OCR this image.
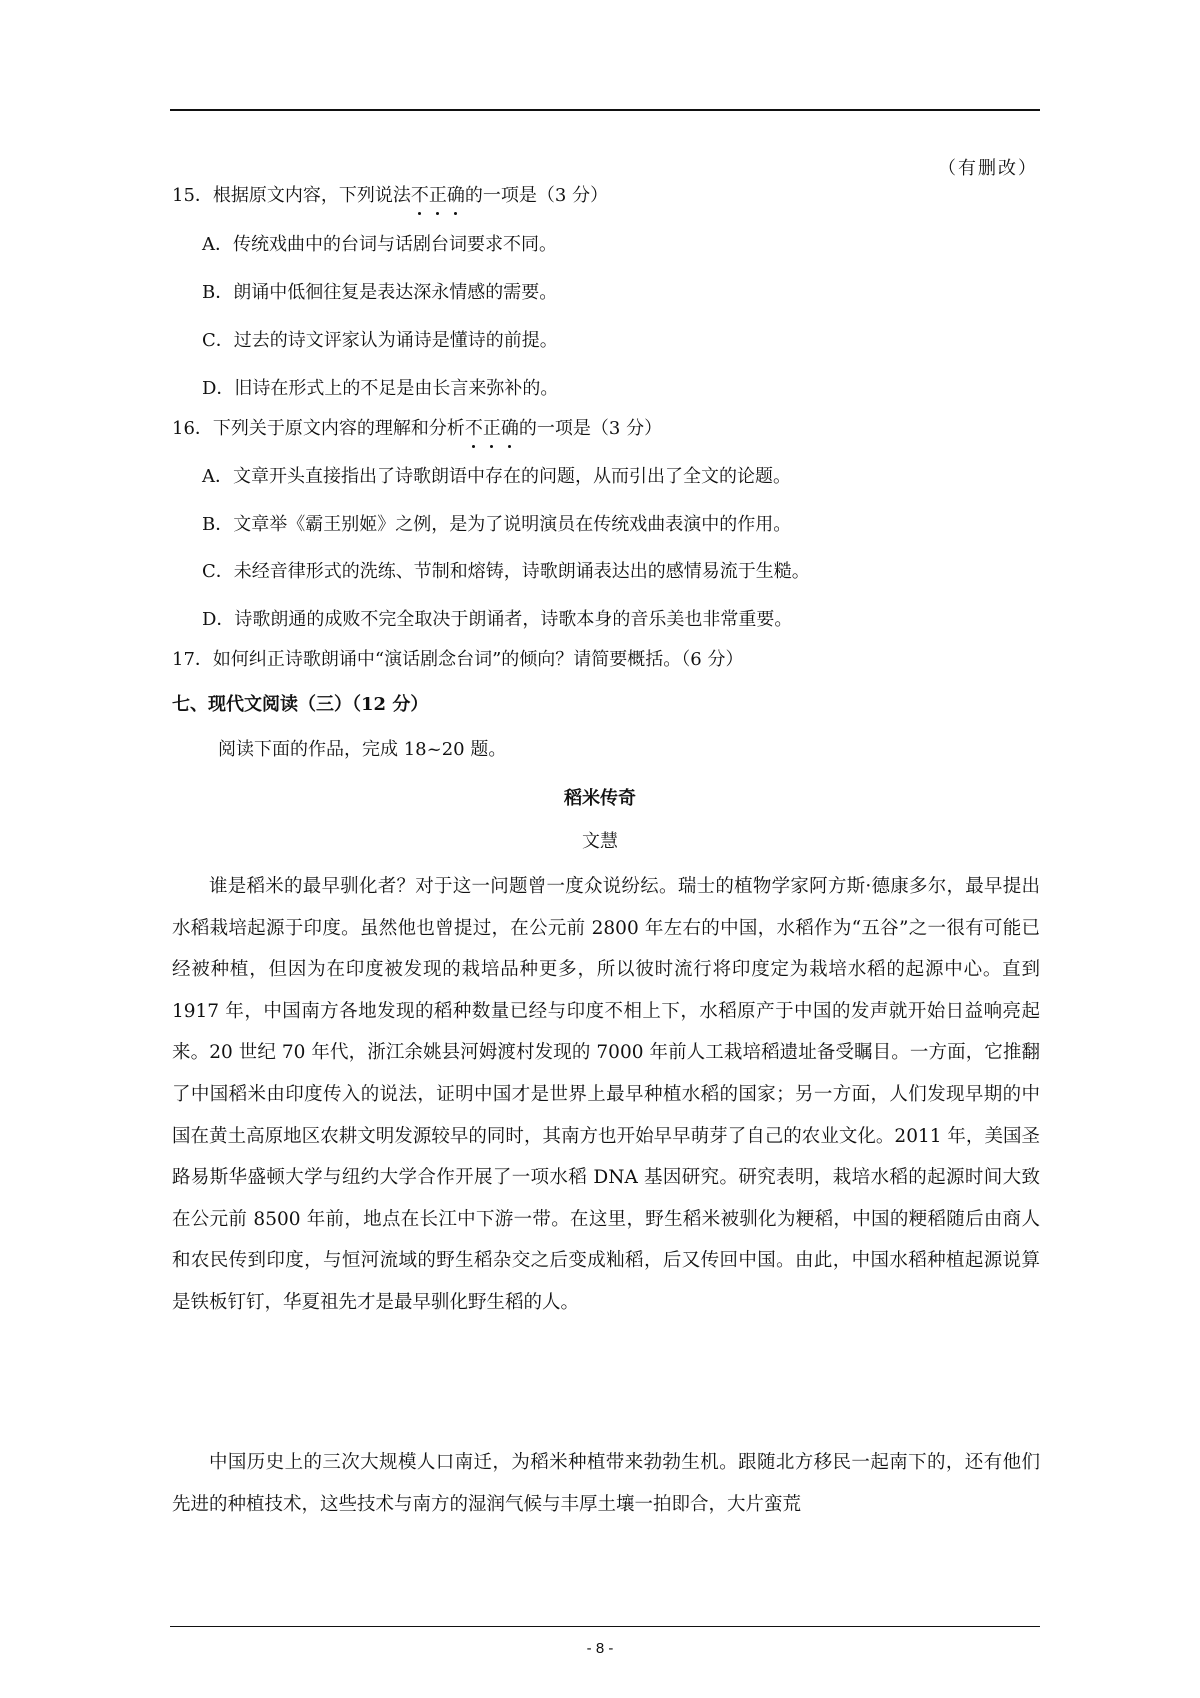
（有删改）
15．根据原文内容，下列说法不正确的一项是（3 分）
A．传统戏曲中的台词与话剧台词要求不同。
B．朗诵中低徊往复是表达深永情感的需要。
C．过去的诗文评家认为诵诗是懂诗的前提。
D．旧诗在形式上的不足是由长言来弥补的。
16．下列关于原文内容的理解和分析不正确的一项是（3 分）
A．文章开头直接指出了诗歌朗语中存在的问题，从而引出了全文的论题。
B．文章举《霸王别姬》之例，是为了说明演员在传统戏曲表演中的作用。
C．未经音律形式的洗练、节制和熔铸，诗歌朗诵表达出的感情易流于生糙。
D．诗歌朗通的成败不完全取决于朗诵者，诗歌本身的音乐美也非常重要。
17．如何纠正诗歌朗诵中“演话剧念台词”的倾向？请简要概括。（6 分）
七、现代文阅读（三）（12 分）
阅读下面的作品，完成 18~20 题。
稻米传奇
文慧

谁是稻米的最早驯化者？对于这一问题曾一度众说纷纭。瑞士的植物学家阿方斯·德康多尔，最早提出水稻栽培起源于印度。虽然他也曾提过，在公元前 2800 年左右的中国，水稻作为“五谷”之一很有可能已经被种植，但因为在印度被发现的栽培品种更多，所以彼时流行将印度定为栽培水稻的起源中心。直到 1917 年，中国南方各地发现的稻种数量已经与印度不相上下，水稻原产于中国的发声就开始日益响亮起来。20 世纪 70 年代，浙江余姚县河姆渡村发现的 7000 年前人工栽培稻遗址备受瞩目。一方面，它推翻了中国稻米由印度传入的说法，证明中国才是世界上最早种植水稻的国家；另一方面，人们发现早期的中国在黄土高原地区农耕文明发源较早的同时，其南方也开始早早萌芽了自己的农业文化。2011 年，美国圣路易斯华盛顿大学与纽约大学合作开展了一项水稻 DNA 基因研究。研究表明，栽培水稻的起源时间大致在公元前 8500 年前，地点在长江中下游一带。在这里，野生稻米被驯化为粳稻，中国的粳稻随后由商人和农民传到印度，与恒河流域的野生稻杂交之后变成籼稻，后又传回中国。由此，中国水稻种植起源说算是铁板钉钉，华夏祖先才是最早驯化野生稻的人。

中国历史上的三次大规模人口南迁，为稻米种植带来勃勃生机。跟随北方移民一起南下的，还有他们先进的种植技术，这些技术与南方的湿润气候与丰厚土壤一拍即合，大片蛮荒

- 8 -
